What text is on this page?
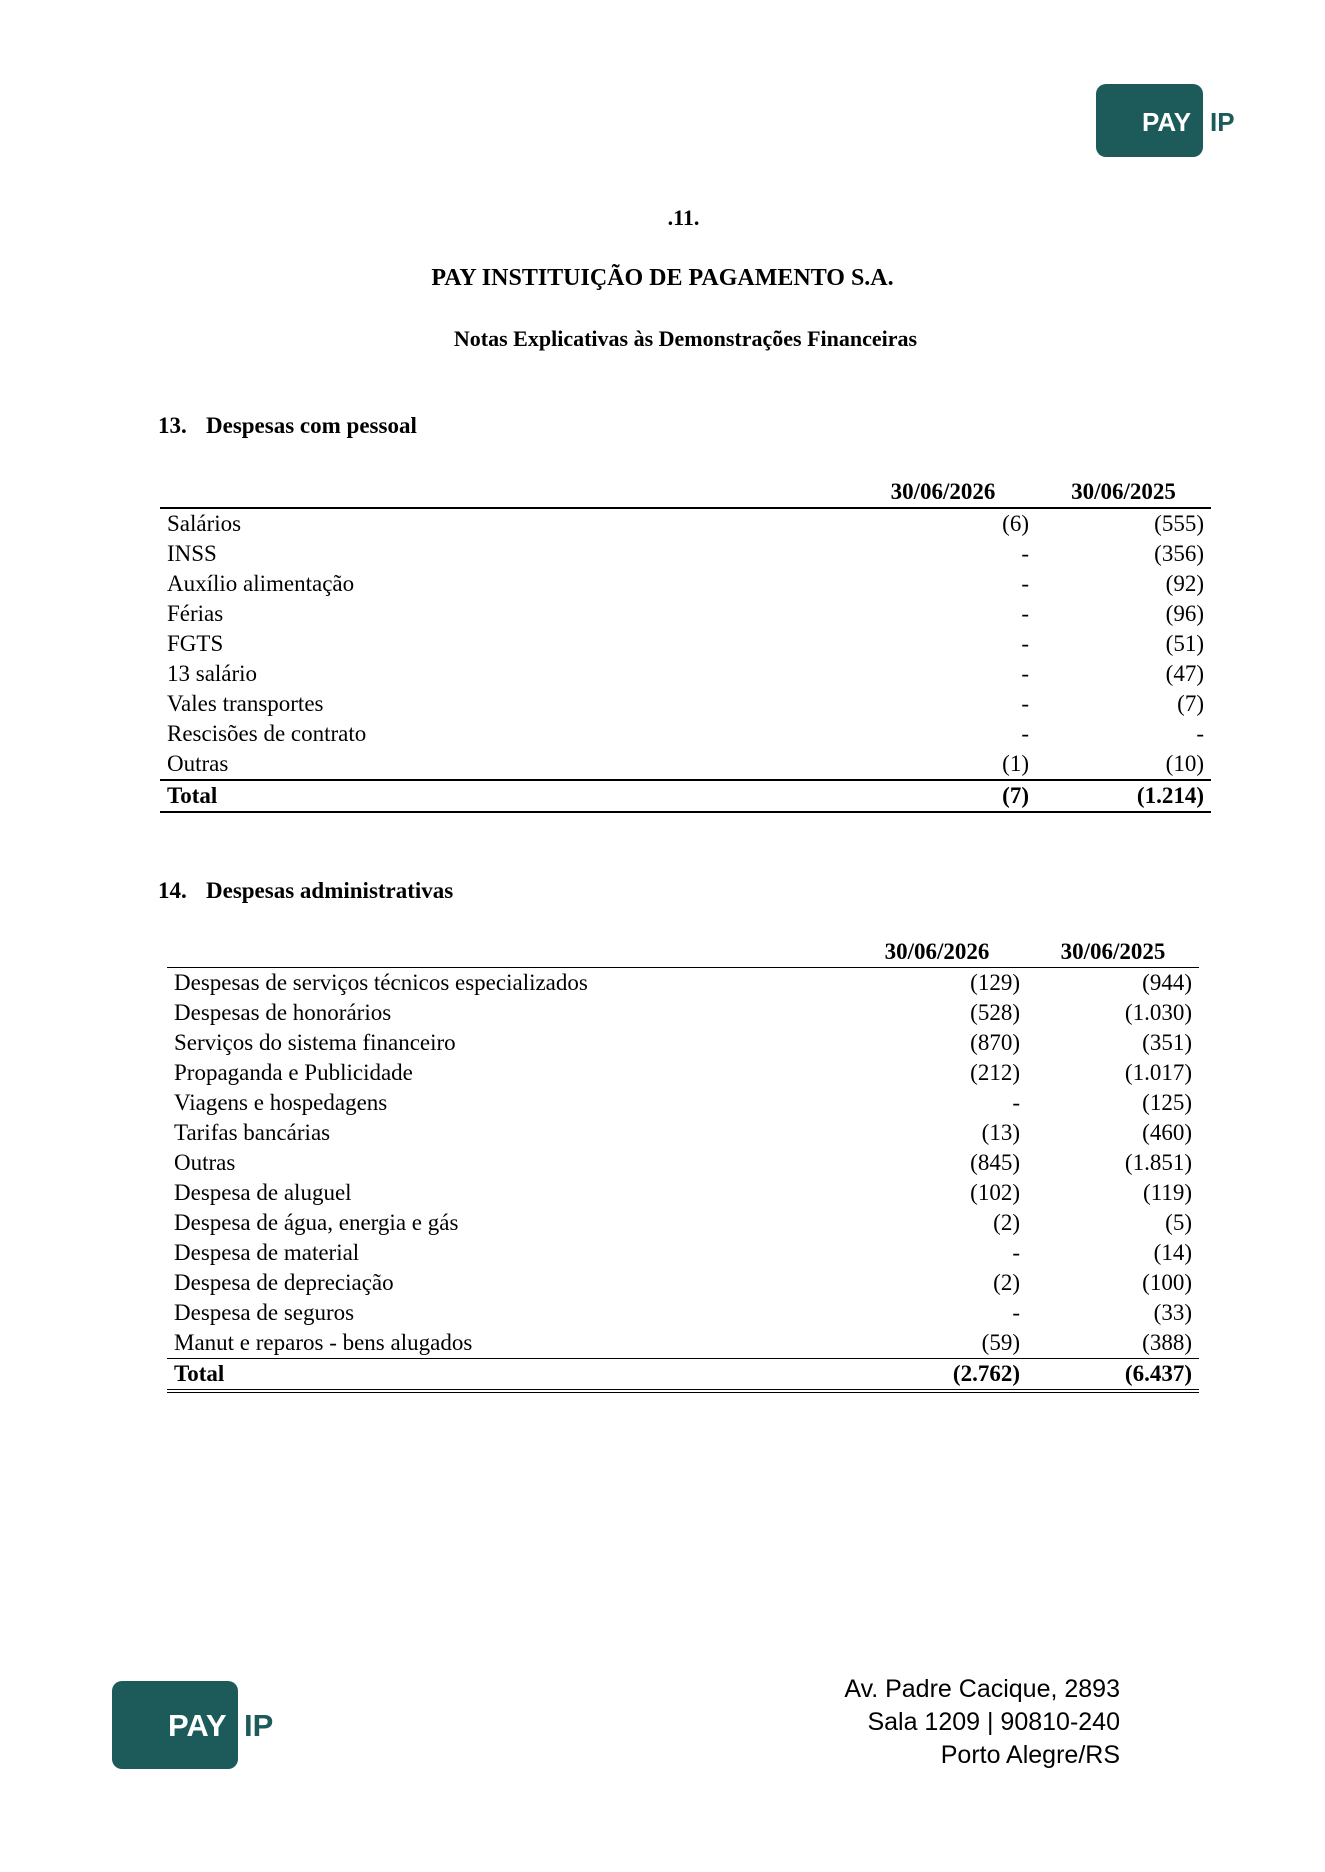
PAY IP
.11.
PAY INSTITUIÇÃO DE PAGAMENTO S.A.
Notas Explicativas às Demonstrações Financeiras
13. Despesas com pessoal
	30/06/2026	30/06/2025
Salários	(6)	(555)
INSS	-	(356)
Auxílio alimentação	-	(92)
Férias	-	(96)
FGTS	-	(51)
13 salário	-	(47)
Vales transportes	-	(7)
Rescisões de contrato	-	-
Outras	(1)	(10)
Total	(7)	(1.214)
14. Despesas administrativas
	30/06/2026	30/06/2025
Despesas de serviços técnicos especializados	(129)	(944)
Despesas de honorários	(528)	(1.030)
Serviços do sistema financeiro	(870)	(351)
Propaganda e Publicidade	(212)	(1.017)
Viagens e hospedagens	-	(125)
Tarifas bancárias	(13)	(460)
Outras	(845)	(1.851)
Despesa de aluguel	(102)	(119)
Despesa de água, energia e gás	(2)	(5)
Despesa de material	-	(14)
Despesa de depreciação	(2)	(100)
Despesa de seguros	-	(33)
Manut e reparos - bens alugados	(59)	(388)
Total	(2.762)	(6.437)
PAY IP
Av. Padre Cacique, 2893
Sala 1209 | 90810-240
Porto Alegre/RS
